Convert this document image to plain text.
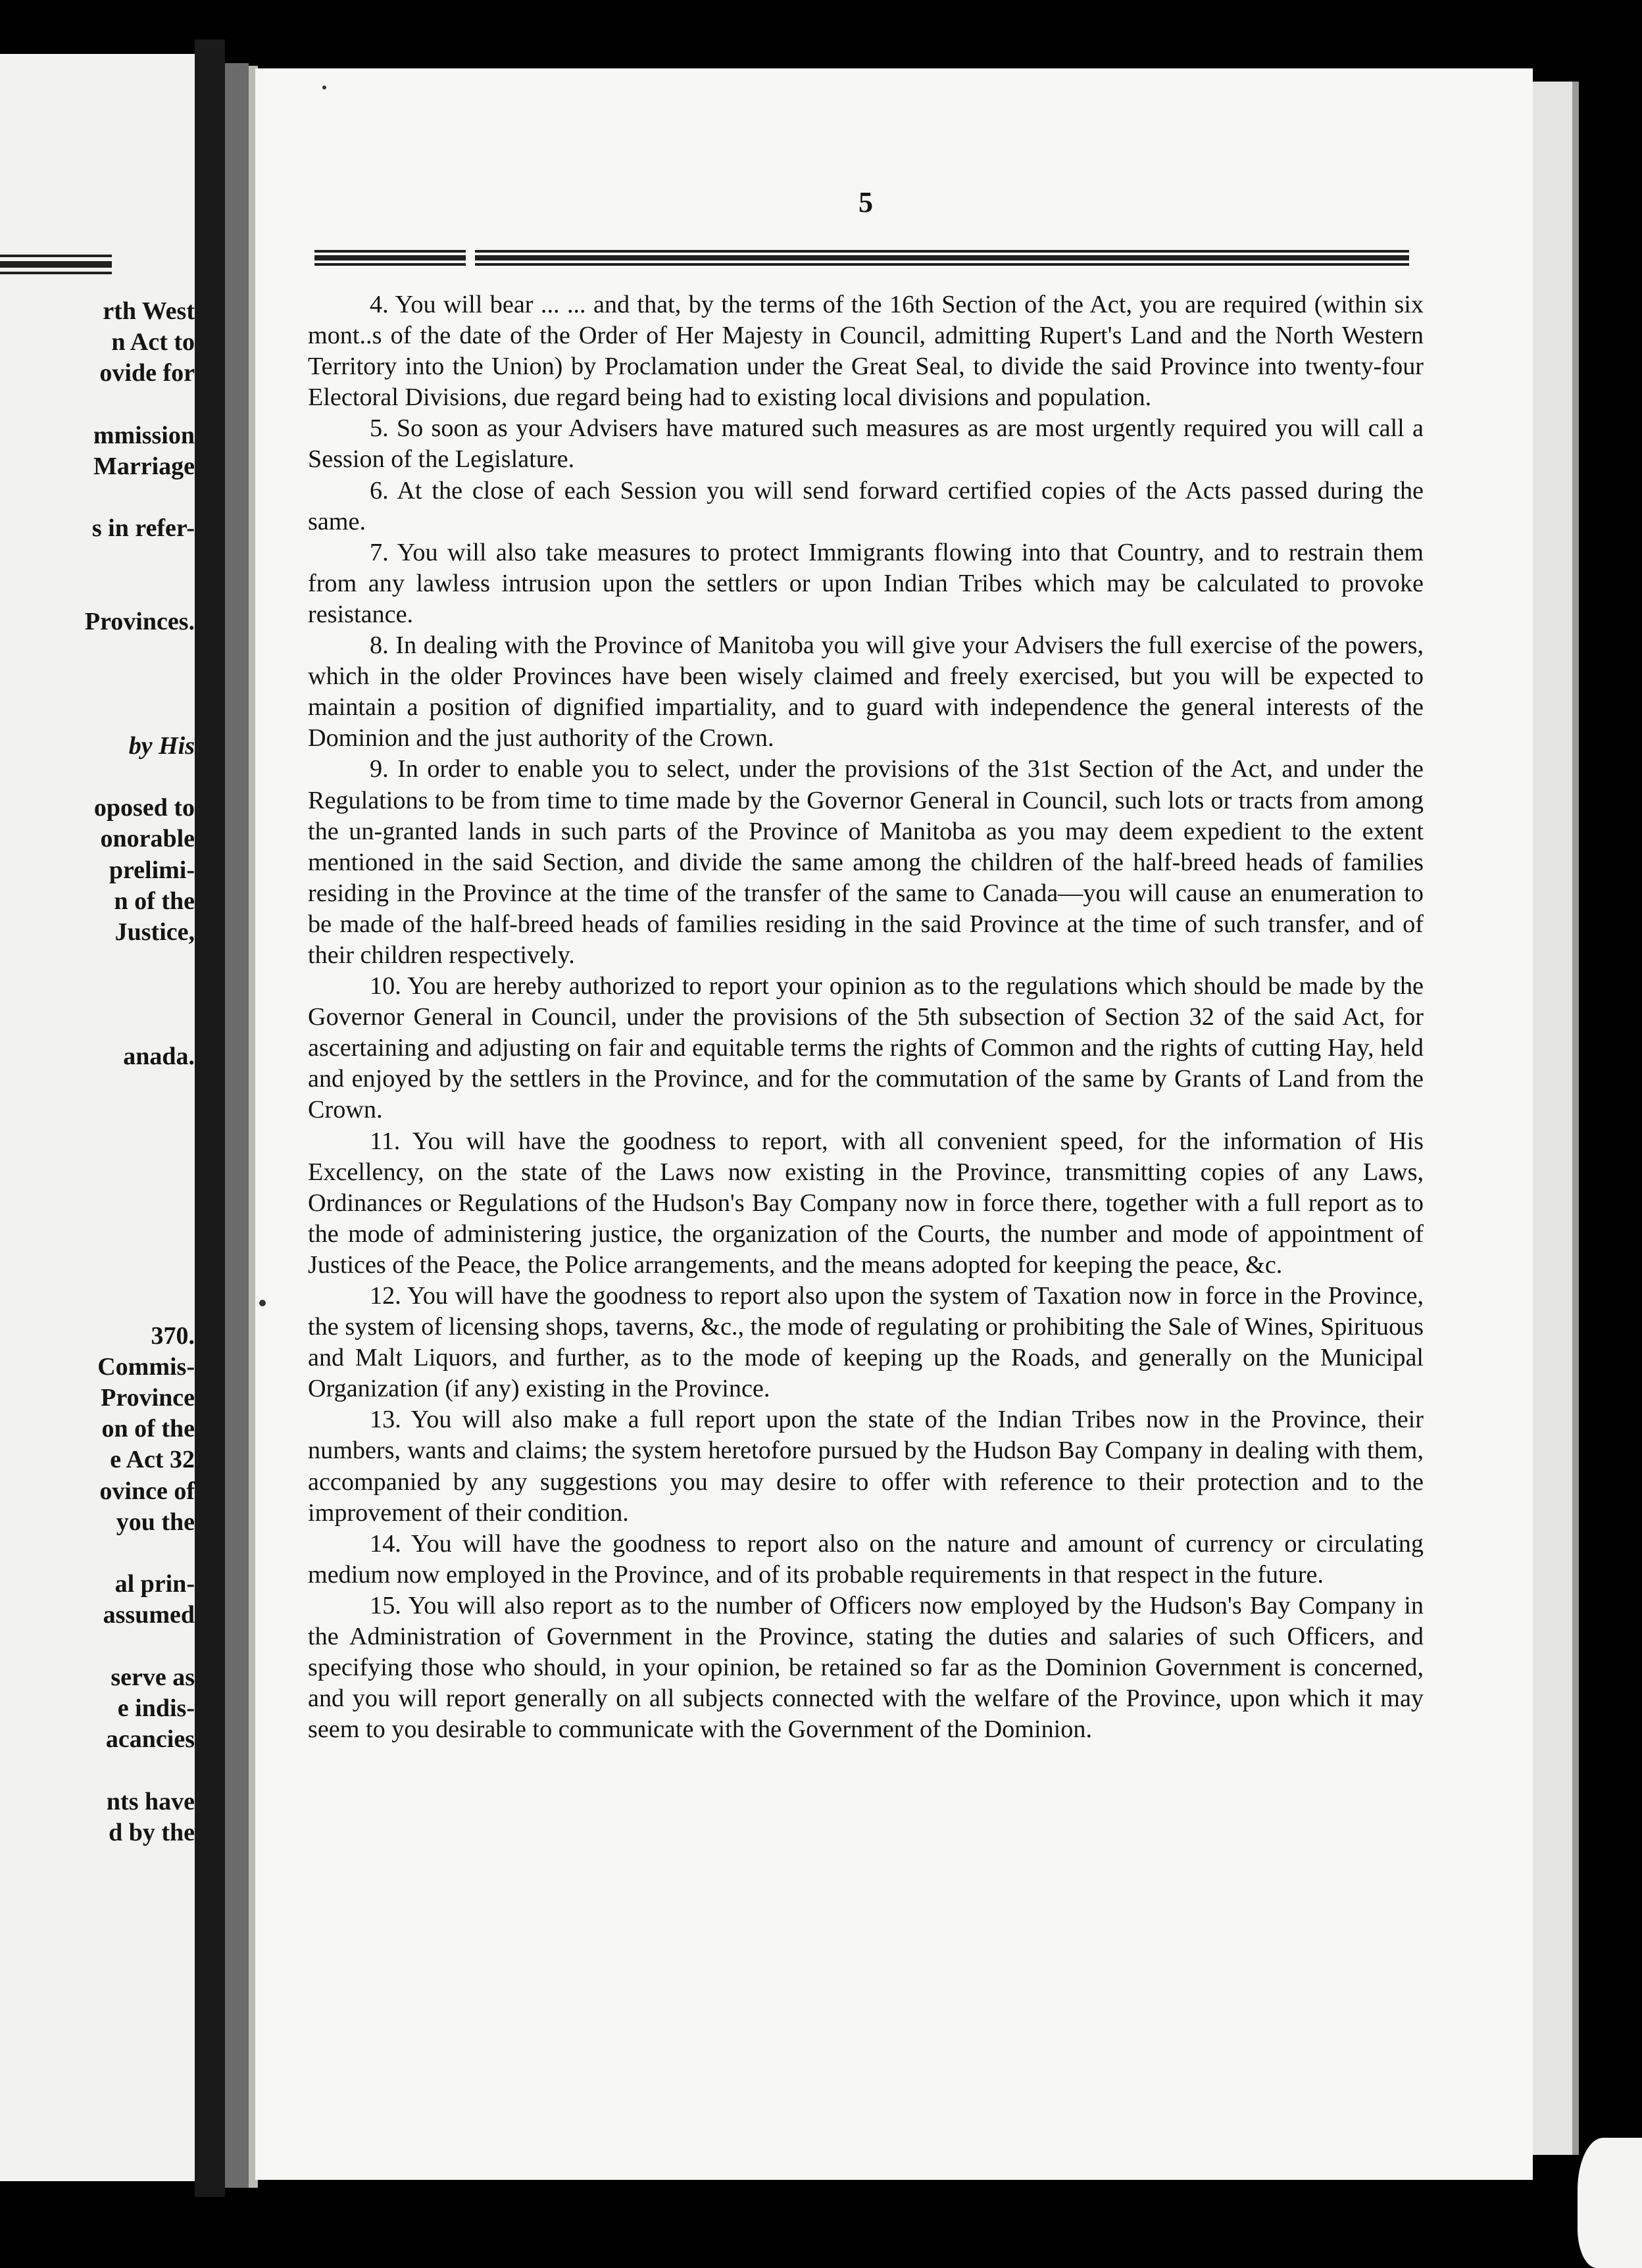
rth West

n Act to

ovide for

mmission

Marriage

s in refer-

Provinces.

by His

oposed to

onorable

prelimi-

n of the

Justice,

anada.

370.

Commis-

Province

on of the

e Act 32

ovince of

you the

al prin-

assumed

serve as

e indis-

acancies

nts have

d by the

5

4. You will bear ... ... and that, by the terms of the 16th Section of the Act, you are required (within six mont..s of the date of the Order of Her Majesty in Council, admitting Rupert's Land and the North Western Territory into the Union) by Proclamation under the Great Seal, to divide the said Province into twenty-four Electoral Divisions, due regard being had to existing local divisions and population.

5. So soon as your Advisers have matured such measures as are most urgently required you will call a Session of the Legislature.

6. At the close of each Session you will send forward certified copies of the Acts passed during the same.

7. You will also take measures to protect Immigrants flowing into that Country, and to restrain them from any lawless intrusion upon the settlers or upon Indian Tribes which may be calculated to provoke resistance.

8. In dealing with the Province of Manitoba you will give your Advisers the full exercise of the powers, which in the older Provinces have been wisely claimed and freely exercised, but you will be expected to maintain a position of dignified impartiality, and to guard with independence the general interests of the Dominion and the just authority of the Crown.

9. In order to enable you to select, under the provisions of the 31st Section of the Act, and under the Regulations to be from time to time made by the Governor General in Council, such lots or tracts from among the un-granted lands in such parts of the Province of Manitoba as you may deem expedient to the extent mentioned in the said Section, and divide the same among the children of the half-breed heads of families residing in the Province at the time of the transfer of the same to Canada—you will cause an enumeration to be made of the half-breed heads of families residing in the said Province at the time of such transfer, and of their children respectively.

10. You are hereby authorized to report your opinion as to the regulations which should be made by the Governor General in Council, under the provisions of the 5th subsection of Section 32 of the said Act, for ascertaining and adjusting on fair and equitable terms the rights of Common and the rights of cutting Hay, held and enjoyed by the settlers in the Province, and for the commutation of the same by Grants of Land from the Crown.

11. You will have the goodness to report, with all convenient speed, for the information of His Excellency, on the state of the Laws now existing in the Province, transmitting copies of any Laws, Ordinances or Regulations of the Hudson's Bay Company now in force there, together with a full report as to the mode of administering justice, the organization of the Courts, the number and mode of appointment of Justices of the Peace, the Police arrangements, and the means adopted for keeping the peace, &c.

12. You will have the goodness to report also upon the system of Taxation now in force in the Province, the system of licensing shops, taverns, &c., the mode of regulating or prohibiting the Sale of Wines, Spirituous and Malt Liquors, and further, as to the mode of keeping up the Roads, and generally on the Municipal Organization (if any) existing in the Province.

13. You will also make a full report upon the state of the Indian Tribes now in the Province, their numbers, wants and claims; the system heretofore pursued by the Hudson Bay Company in dealing with them, accompanied by any suggestions you may desire to offer with reference to their protection and to the improvement of their condition.

14. You will have the goodness to report also on the nature and amount of currency or circulating medium now employed in the Province, and of its probable requirements in that respect in the future.

15. You will also report as to the number of Officers now employed by the Hudson's Bay Company in the Administration of Government in the Province, stating the duties and salaries of such Officers, and specifying those who should, in your opinion, be retained so far as the Dominion Government is concerned, and you will report generally on all subjects connected with the welfare of the Province, upon which it may seem to you desirable to communicate with the Government of the Dominion.
